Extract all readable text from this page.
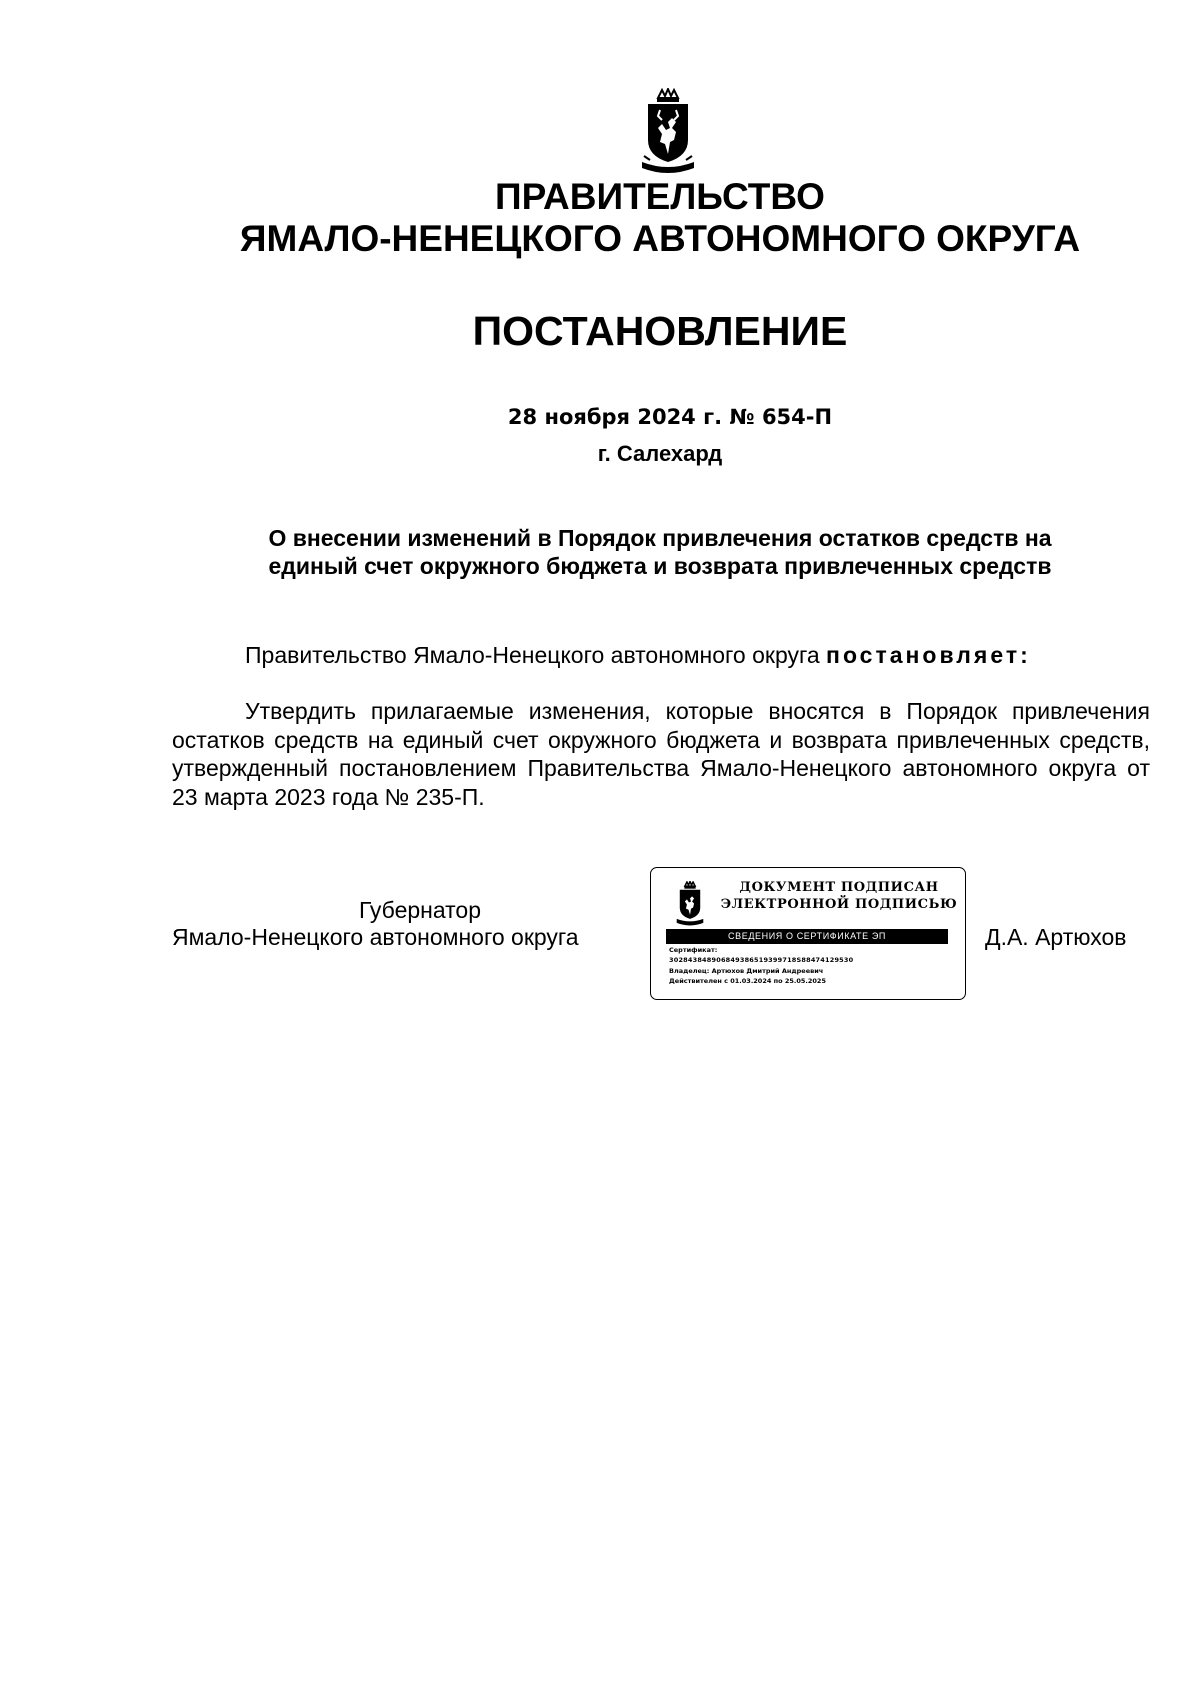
ПРАВИТЕЛЬСТВО
ЯМАЛО-НЕНЕЦКОГО АВТОНОМНОГО ОКРУГА
ПОСТАНОВЛЕНИЕ
28 ноября 2024 г. № 654-П
г. Салехард
О внесении изменений в Порядок привлечения остатков средств на
единый счет окружного бюджета и возврата привлеченных средств
Правительство Ямало-Ненецкого автономного округа постановляет:
Утвердить прилагаемые изменения, которые вносятся в Порядок привлечения остатков средств на единый счет окружного бюджета и возврата привлеченных средств, утвержденный постановлением Правительства Ямало-Ненецкого автономного округа от 23 марта 2023 года № 235-П.
Губернатор
Ямало-Ненецкого автономного округа	Д.А. Артюхов
ДОКУМЕНТ ПОДПИСАН
ЭЛЕКТРОННОЙ ПОДПИСЬЮ
СВЕДЕНИЯ О СЕРТИФИКАТЕ ЭП
Сертификат:
302843848906849386519399718S88474129530
Владелец: Артюхов Дмитрий Андреевич
Действителен с 01.03.2024 по 25.05.2025
